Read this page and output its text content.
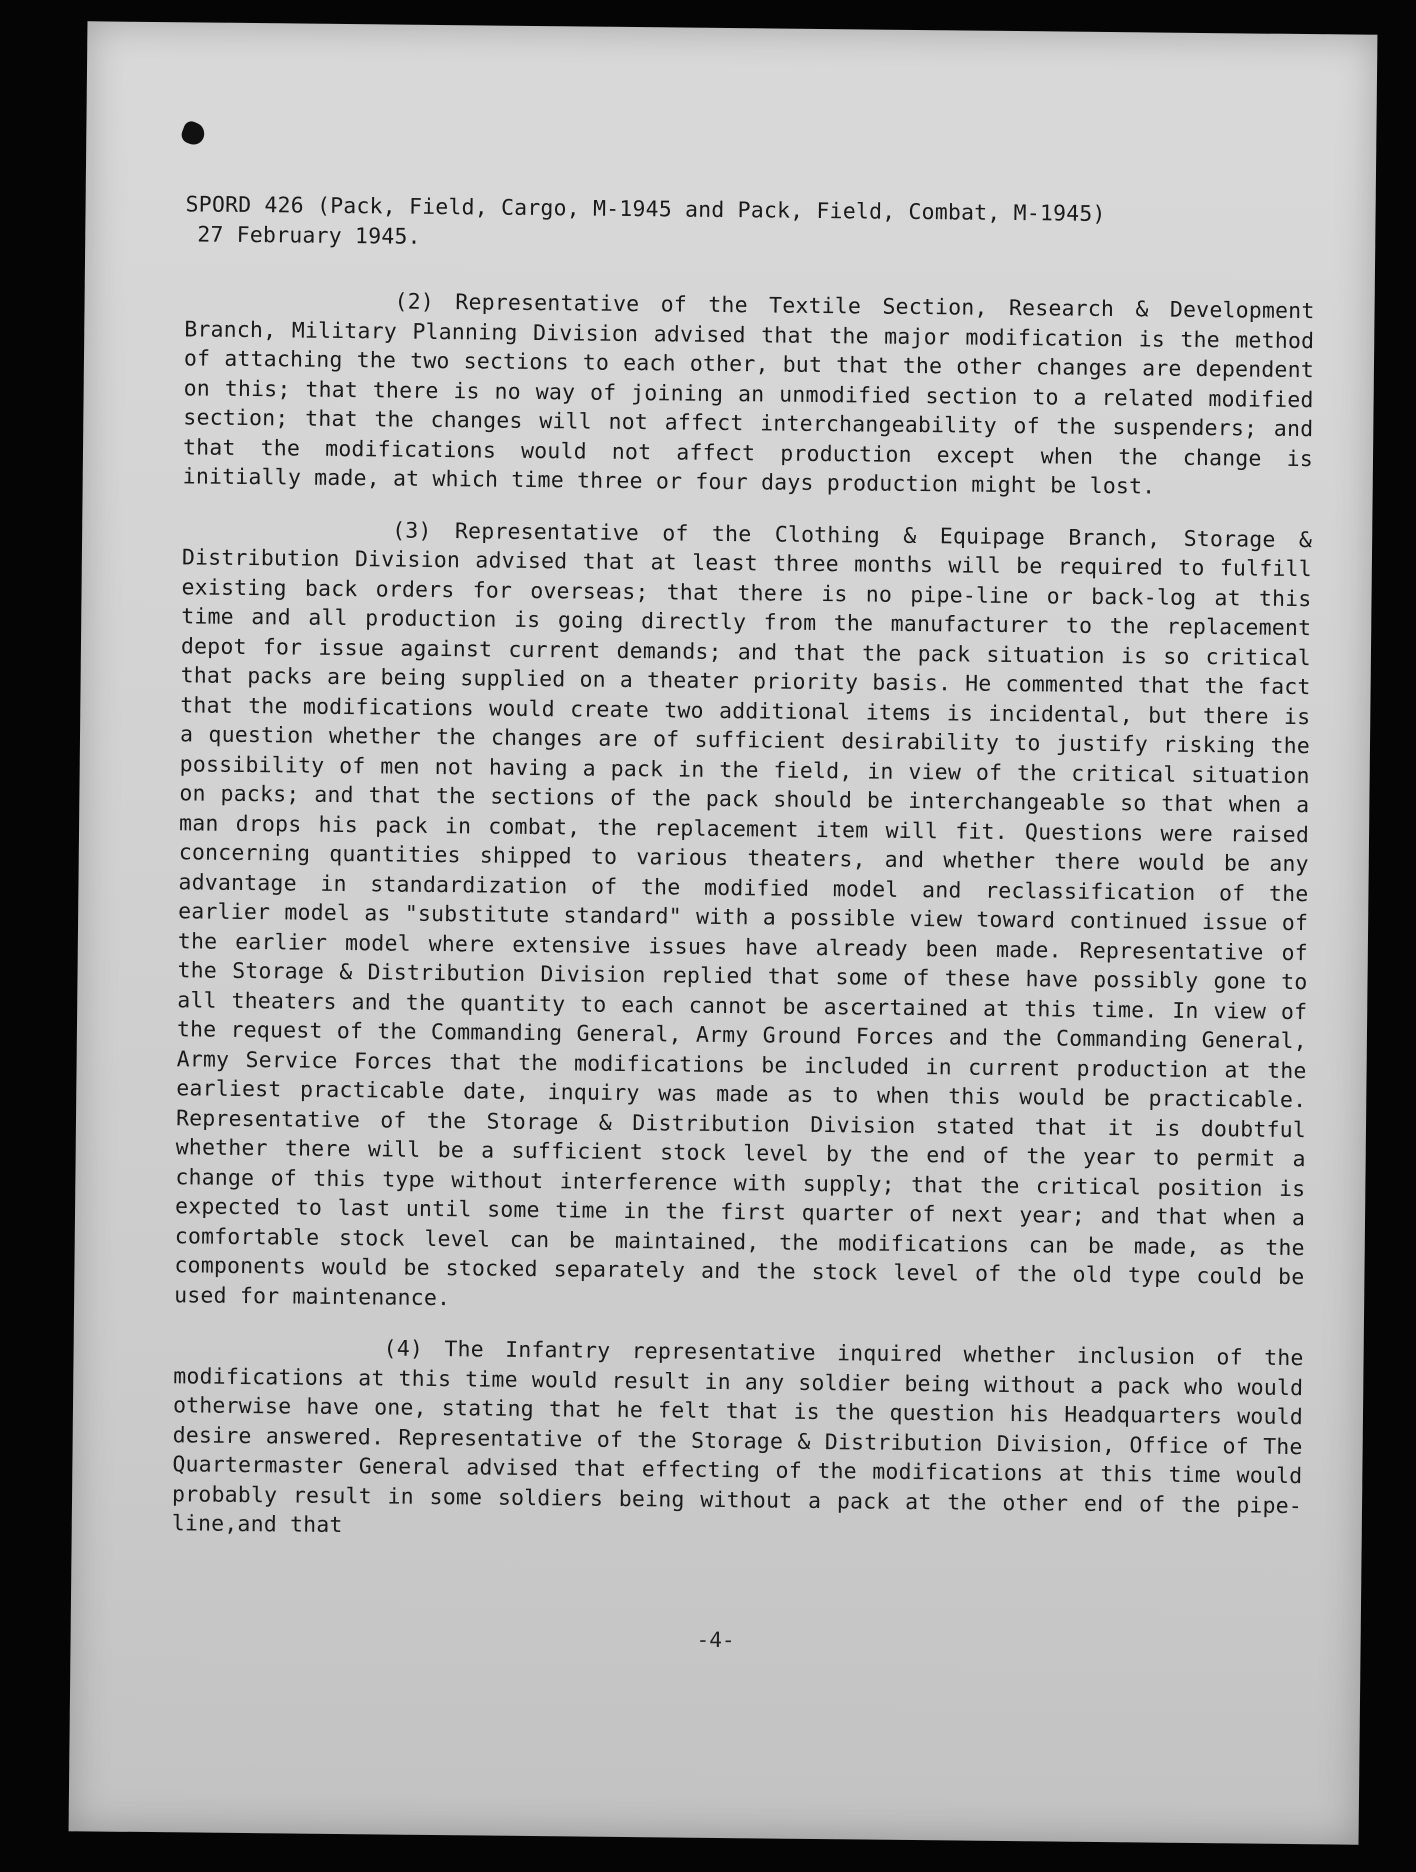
SPORD 426 (Pack, Field, Cargo, M-1945 and Pack, Field, Combat, M-1945)
27 February 1945.

(2) Representative of the Textile Section, Research & Development Branch, Military Planning Division advised that the major modification is the method of attaching the two sections to each other, but that the other changes are dependent on this; that there is no way of joining an unmodified section to a related modified section; that the changes will not affect interchangeability of the suspenders; and that the modifications would not affect production except when the change is initially made, at which time three or four days production might be lost.

(3) Representative of the Clothing & Equipage Branch, Storage & Distribution Division advised that at least three months will be required to fulfill existing back orders for overseas; that there is no pipe-line or back-log at this time and all production is going directly from the manufacturer to the replacement depot for issue against current demands; and that the pack situation is so critical that packs are being supplied on a theater priority basis. He commented that the fact that the modifications would create two additional items is incidental, but there is a question whether the changes are of sufficient desirability to justify risking the possibility of men not having a pack in the field, in view of the critical situation on packs; and that the sections of the pack should be interchangeable so that when a man drops his pack in combat, the replacement item will fit. Questions were raised concerning quantities shipped to various theaters, and whether there would be any advantage in standardization of the modified model and reclassification of the earlier model as "substitute standard" with a possible view toward continued issue of the earlier model where extensive issues have already been made. Representative of the Storage & Distribution Division replied that some of these have possibly gone to all theaters and the quantity to each cannot be ascertained at this time. In view of the request of the Commanding General, Army Ground Forces and the Commanding General, Army Service Forces that the modifications be included in current production at the earliest practicable date, inquiry was made as to when this would be practicable. Representative of the Storage & Distribution Division stated that it is doubtful whether there will be a sufficient stock level by the end of the year to permit a change of this type without interference with supply; that the critical position is expected to last until some time in the first quarter of next year; and that when a comfortable stock level can be maintained, the modifications can be made, as the components would be stocked separately and the stock level of the old type could be used for maintenance.

(4) The Infantry representative inquired whether inclusion of the modifications at this time would result in any soldier being without a pack who would otherwise have one, stating that he felt that is the question his Headquarters would desire answered. Representative of the Storage & Distribution Division, Office of The Quartermaster General advised that effecting of the modifications at this time would probably result in some soldiers being without a pack at the other end of the pipe-line,and that

-4-
